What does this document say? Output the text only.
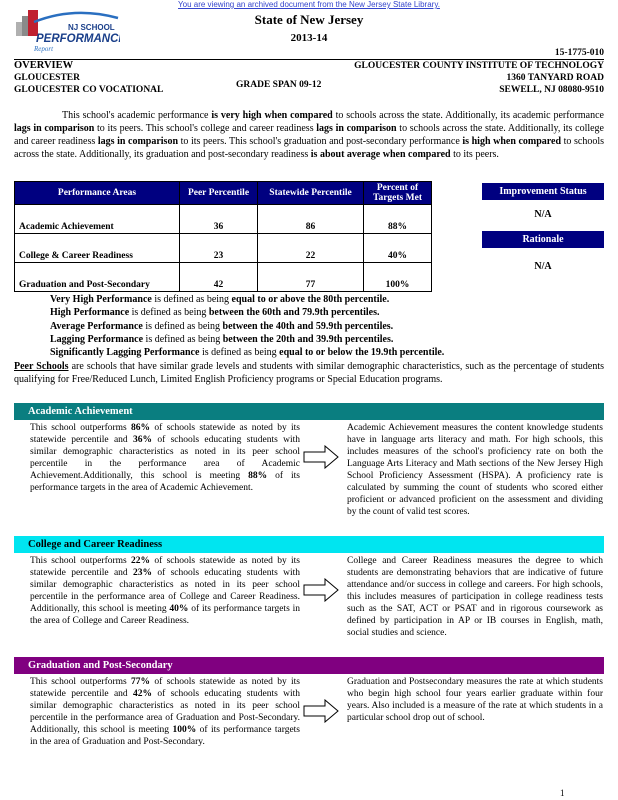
You are viewing an archived document from the New Jersey State Library.
NJ SCHOOL
PERFORMANCE
Report
State of New Jersey
2013-14
15-1775-010
OVERVIEW	GLOUCESTER COUNTY INSTITUTE OF TECHNOLOGY
GLOUCESTER	1360 TANYARD ROAD
GRADE SPAN 09-12
GLOUCESTER CO VOCATIONAL	SEWELL, NJ 08080-9510
This school's academic performance is very high when compared to schools across the state. Additionally, its academic performance lags in comparison to its peers. This school's college and career readiness lags in comparison to schools across the state. Additionally, its college and career readiness lags in comparison to its peers. This school's graduation and post-secondary performance is high when compared to schools across the state. Additionally, its graduation and post-secondary readiness is about average when compared to its peers.
Performance Areas	Peer Percentile	Statewide Percentile	Percent of Targets Met
Academic Achievement	36	86	88%
College & Career Readiness	23	22	40%
Graduation and Post-Secondary	42	77	100%
Improvement Status
N/A
Rationale
N/A
Very High Performance is defined as being equal to or above the 80th percentile.
High Performance is defined as being between the 60th and 79.9th percentiles.
Average Performance is defined as being between the 40th and 59.9th percentiles.
Lagging Performance is defined as being between the 20th and 39.9th percentiles.
Significantly Lagging Performance is defined as being equal to or below the 19.9th percentile.
Peer Schools are schools that have similar grade levels and students with similar demographic characteristics, such as the percentage of students qualifying for Free/Reduced Lunch, Limited English Proficiency programs or Special Education programs.
Academic Achievement
This school outperforms 86% of schools statewide as noted by its statewide percentile and 36% of schools educating students with similar demographic characteristics as noted in its peer school percentile in the performance area of Academic Achievement.Additionally, this school is meeting 88% of its performance targets in the area of Academic Achievement.
Academic Achievement measures the content knowledge students have in language arts literacy and math. For high schools, this includes measures of the school's proficiency rate on both the Language Arts Literacy and Math sections of the New Jersey High School Proficiency Assessment (HSPA). A proficiency rate is calculated by summing the count of students who scored either proficient or advanced proficient on the assessment and dividing by the count of valid test scores.
College and Career Readiness
This school outperforms 22% of schools statewide as noted by its statewide percentile and 23% of schools educating students with similar demographic characteristics as noted in its peer school percentile in the performance area of College and Career Readiness. Additionally, this school is meeting 40% of its performance targets in the area of College and Career Readiness.
College and Career Readiness measures the degree to which students are demonstrating behaviors that are indicative of future attendance and/or success in college and careers. For high schools, this includes measures of participation in college readiness tests such as the SAT, ACT or PSAT and in rigorous coursework as defined by participation in AP or IB courses in English, math, social studies and science.
Graduation and Post-Secondary
This school outperforms 77% of schools statewide as noted by its statewide percentile and 42% of schools educating students with similar demographic characteristics as noted in its peer school percentile in the performance area of Graduation and Post-Secondary. Additionally, this school is meeting 100% of its performance targets in the area of Graduation and Post-Secondary.
Graduation and Postsecondary measures the rate at which students who begin high school four years earlier graduate within four years. Also included is a measure of the rate at which students in a particular school drop out of school.
1
